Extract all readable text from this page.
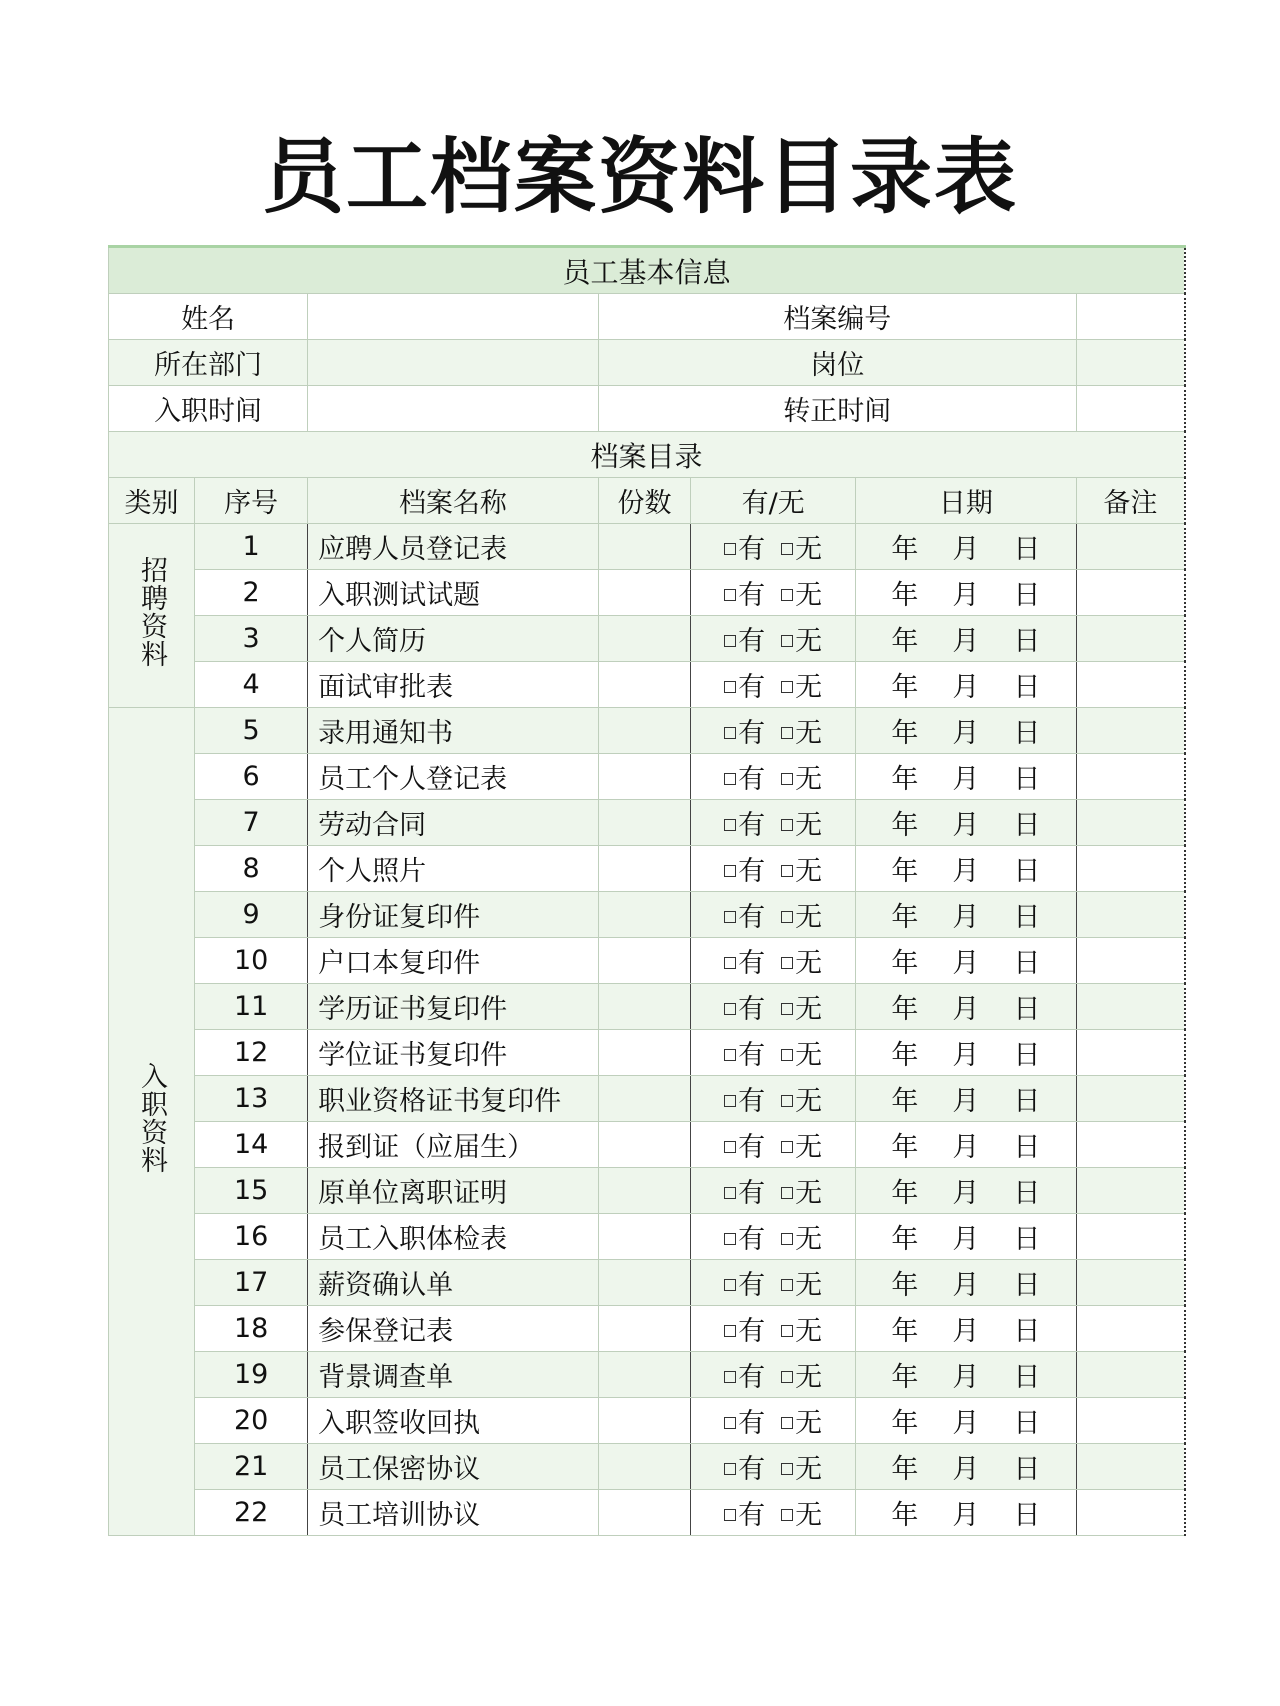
员工档案资料目录表
员工基本信息						
姓名			档案编号			
所在部门			岗位			
入职时间			转正时间			
档案目录						
类别	序号	档案名称	份数	有/无	日期	备注
招聘资料	1	应聘人员登记表		有 无	年 月 日	
	2	入职测试试题		有 无	年 月 日	
	3	个人简历		有 无	年 月 日	
	4	面试审批表		有 无	年 月 日	
入职资料	5	录用通知书		有 无	年 月 日	
	6	员工个人登记表		有 无	年 月 日	
	7	劳动合同		有 无	年 月 日	
	8	个人照片		有 无	年 月 日	
	9	身份证复印件		有 无	年 月 日	
	10	户口本复印件		有 无	年 月 日	
	11	学历证书复印件		有 无	年 月 日	
	12	学位证书复印件		有 无	年 月 日	
	13	职业资格证书复印件		有 无	年 月 日	
	14	报到证（应届生）		有 无	年 月 日	
	15	原单位离职证明		有 无	年 月 日	
	16	员工入职体检表		有 无	年 月 日	
	17	薪资确认单		有 无	年 月 日	
	18	参保登记表		有 无	年 月 日	
	19	背景调查单		有 无	年 月 日	
	20	入职签收回执		有 无	年 月 日	
	21	员工保密协议		有 无	年 月 日	
	22	员工培训协议		有 无	年 月 日	
